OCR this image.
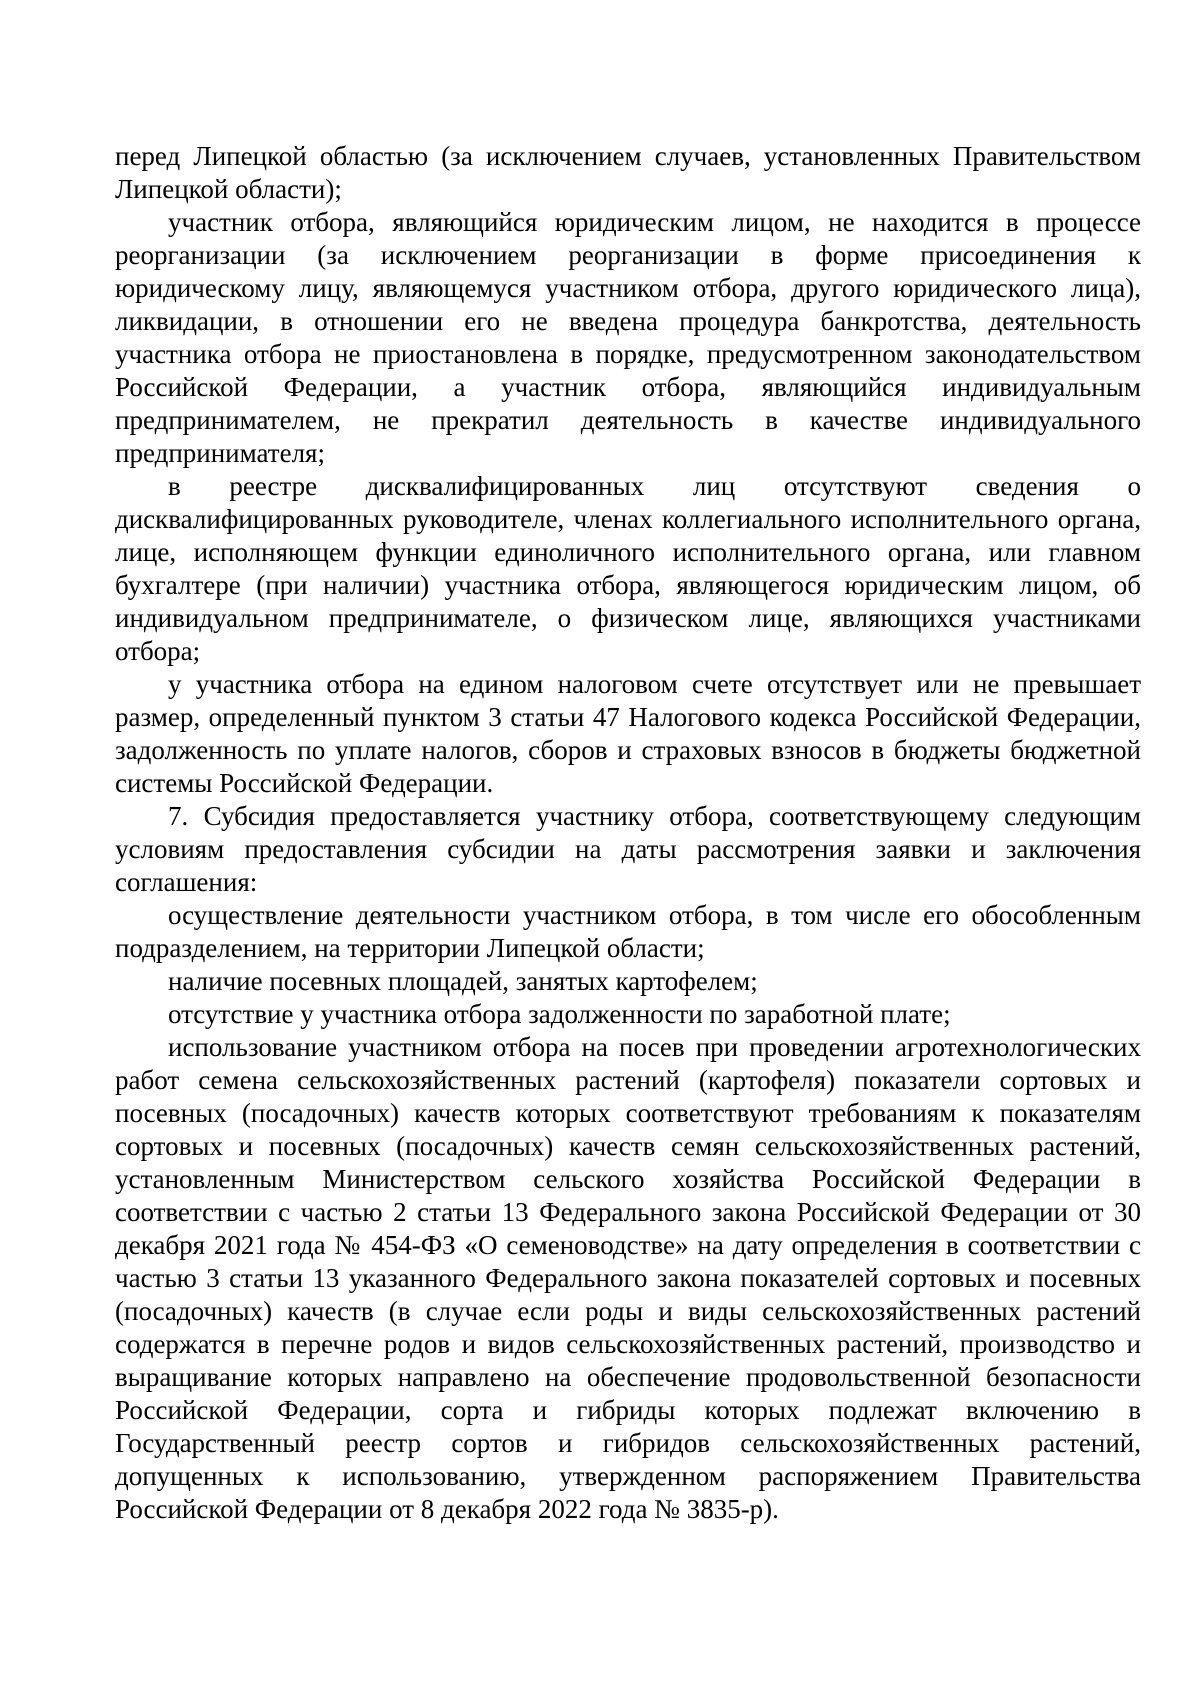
перед Липецкой областью (за исключением случаев, установленных Правительством Липецкой области);

участник отбора, являющийся юридическим лицом, не находится в процессе реорганизации (за исключением реорганизации в форме присоединения к юридическому лицу, являющемуся участником отбора, другого юридического лица), ликвидации, в отношении его не введена процедура банкротства, деятельность участника отбора не приостановлена в порядке, предусмотренном законодательством Российской Федерации, а участник отбора, являющийся индивидуальным предпринимателем, не прекратил деятельность в качестве индивидуального предпринимателя;

в реестре дисквалифицированных лиц отсутствуют сведения о дисквалифицированных руководителе, членах коллегиального исполнительного органа, лице, исполняющем функции единоличного исполнительного органа, или главном бухгалтере (при наличии) участника отбора, являющегося юридическим лицом, об индивидуальном предпринимателе, о физическом лице, являющихся участниками отбора;

у участника отбора на едином налоговом счете отсутствует или не превышает размер, определенный пунктом 3 статьи 47 Налогового кодекса Российской Федерации, задолженность по уплате налогов, сборов и страховых взносов в бюджеты бюджетной системы Российской Федерации.

7. Субсидия предоставляется участнику отбора, соответствующему следующим условиям предоставления субсидии на даты рассмотрения заявки и заключения соглашения:

осуществление деятельности участником отбора, в том числе его обособленным подразделением, на территории Липецкой области;

наличие посевных площадей, занятых картофелем;

отсутствие у участника отбора задолженности по заработной плате;

использование участником отбора на посев при проведении агротехнологических работ семена сельскохозяйственных растений (картофеля) показатели сортовых и посевных (посадочных) качеств которых соответствуют требованиям к показателям сортовых и посевных (посадочных) качеств семян сельскохозяйственных растений, установленным Министерством сельского хозяйства Российской Федерации в соответствии с частью 2 статьи 13 Федерального закона Российской Федерации от 30 декабря 2021 года № 454-ФЗ «О семеноводстве» на дату определения в соответствии с частью 3 статьи 13 указанного Федерального закона показателей сортовых и посевных (посадочных) качеств (в случае если роды и виды сельскохозяйственных растений содержатся в перечне родов и видов сельскохозяйственных растений, производство и выращивание которых направлено на обеспечение продовольственной безопасности Российской Федерации, сорта и гибриды которых подлежат включению в Государственный реестр сортов и гибридов сельскохозяйственных растений, допущенных к использованию, утвержденном распоряжением Правительства Российской Федерации от 8 декабря 2022 года № 3835-р).
